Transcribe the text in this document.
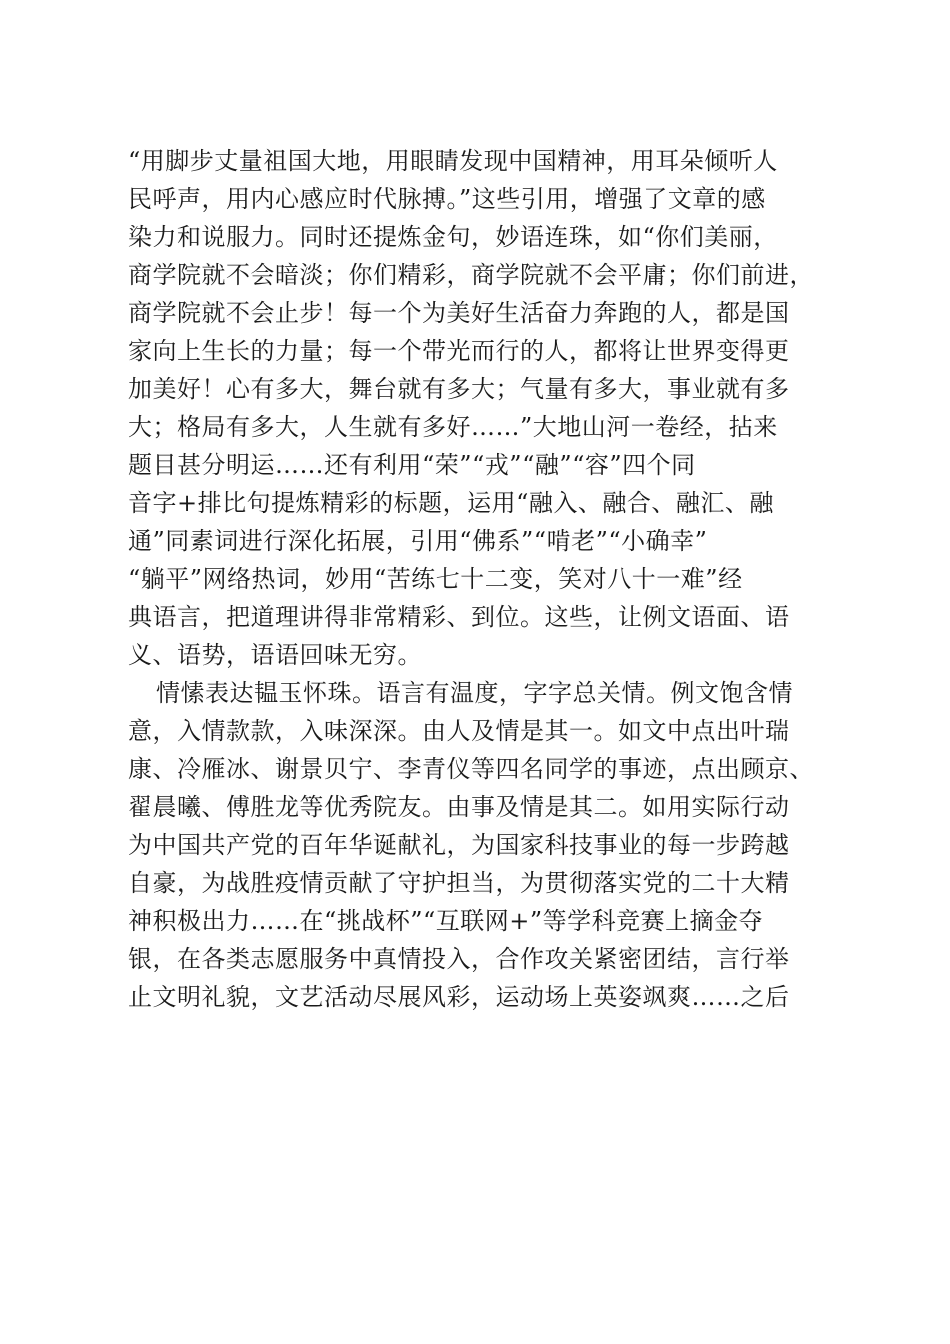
“用脚步丈量祖国大地，用眼睛发现中国精神，用耳朵倾听人
民呼声，用内心感应时代脉搏。”这些引用，增强了文章的感
染力和说服力。同时还提炼金句，妙语连珠，如“你们美丽，
商学院就不会暗淡；你们精彩，商学院就不会平庸；你们前进，
商学院就不会止步！每一个为美好生活奋力奔跑的人，都是国
家向上生长的力量；每一个带光而行的人，都将让世界变得更
加美好！心有多大，舞台就有多大；气量有多大，事业就有多
大；格局有多大，人生就有多好……”大地山河一卷经，拈来
题目甚分明运……还有利用“荣”“戎”“融”“容”四个同
音字+排比句提炼精彩的标题，运用“融入、融合、融汇、融
通”同素词进行深化拓展，引用“佛系”“啃老”“小确幸”
“躺平”网络热词，妙用“苦练七十二变，笑对八十一难”经
典语言，把道理讲得非常精彩、到位。这些，让例文语面、语
义、语势，语语回味无穷。
情愫表达韫玉怀珠。语言有温度，字字总关情。例文饱含情
意，入情款款，入味深深。由人及情是其一。如文中点出叶瑞
康、冷雁冰、谢景贝宁、李青仪等四名同学的事迹，点出顾京、
翟晨曦、傅胜龙等优秀院友。由事及情是其二。如用实际行动
为中国共产党的百年华诞献礼，为国家科技事业的每一步跨越
自豪，为战胜疫情贡献了守护担当，为贯彻落实党的二十大精
神积极出力……在“挑战杯”“互联网+”等学科竞赛上摘金夺
银，在各类志愿服务中真情投入，合作攻关紧密团结，言行举
止文明礼貌，文艺活动尽展风彩，运动场上英姿飒爽……之后
